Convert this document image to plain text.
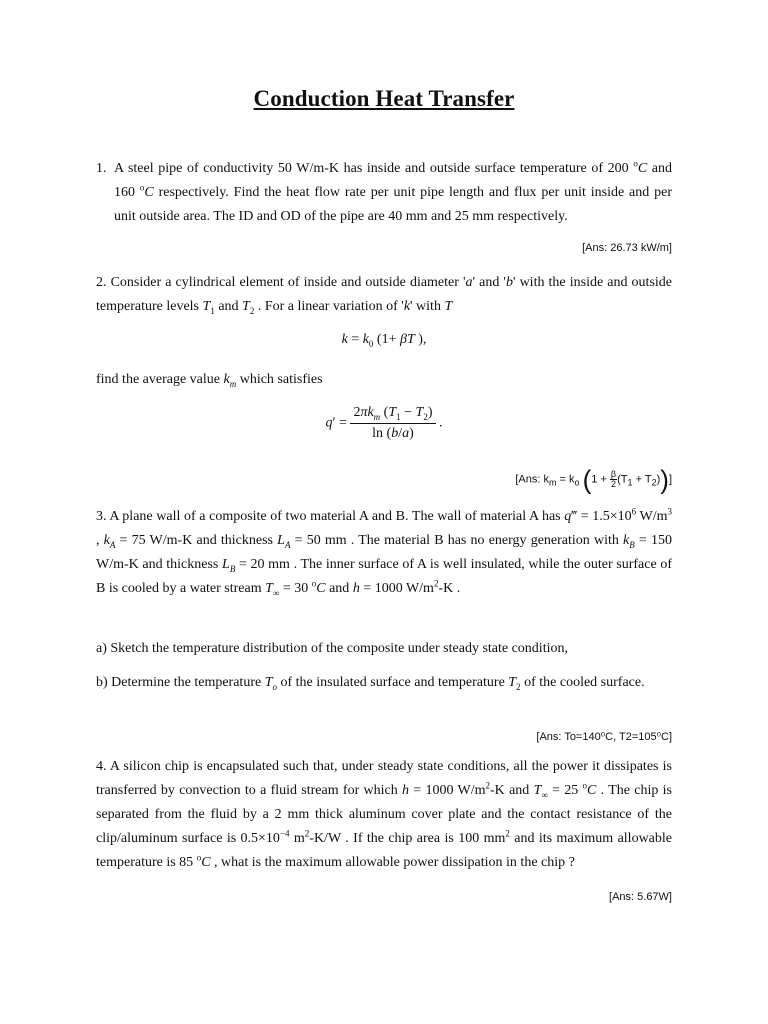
Conduction Heat Transfer
1. A steel pipe of conductivity 50 W/m-K has inside and outside surface temperature of 200 $^o$C and 160 $^o$C respectively. Find the heat flow rate per unit pipe length and flux per unit inside and per unit outside area. The ID and OD of the pipe are 40 mm and 25 mm respectively.
[Ans: 26.73 kW/m]
2. Consider a cylindrical element of inside and outside diameter 'a' and 'b' with the inside and outside temperature levels $T_1$ and $T_2$ . For a linear variation of 'k' with T
$k = k_0$ (1+ βT ),
find the average value $k_m$ which satisfies
$q' = \frac{2\pi k_m (T_1 - T_2)}{\ln (b/a)}$ .
[Ans: $k_m = k_o$ $(1 + \frac{\beta}{2}(T_1 + T_2))$]
3. A plane wall of a composite of two material A and B. The wall of material A has q‴ = $1.5\times 10^6$ $W/m^3$ , $k_A = 75$ W/m-K and thickness $L_A = 50$ mm . The material B has no energy generation with $k_B = 150$ W/m-K and thickness $L_B = 20$ mm . The inner surface of A is well insulated, while the outer surface of B is cooled by a water stream $T_\infty = 30$ $^o$C and h = 1000 $W/m^2-K$ .
a) Sketch the temperature distribution of the composite under steady state condition,
b) Determine the temperature $T_o$ of the insulated surface and temperature $T_2$ of the cooled surface.
[Ans: To=140⁰C, T2=105⁰C]
4. A silicon chip is encapsulated such that, under steady state conditions, all the power it dissipates is transferred by convection to a fluid stream for which h = 1000 $W/m^2-K$ and $T_\infty = 25$ $^o$C . The chip is separated from the fluid by a 2 mm thick aluminum cover plate and the contact resistance of the clip/aluminum surface is $0.5\times 10^{-4}$ $m^2-K/W$ . If the chip area is 100 $mm^2$ and its maximum allowable temperature is 85 $^o$C , what is the maximum allowable power dissipation in the chip ?
[Ans: 5.67W]
